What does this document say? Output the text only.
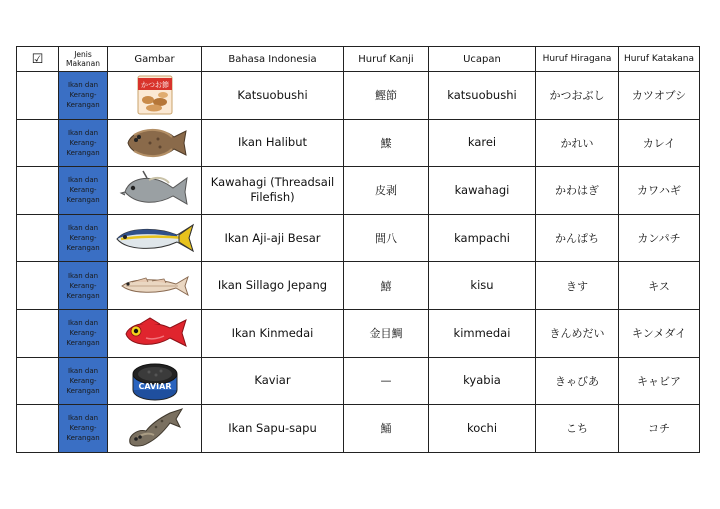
☑	Jenis Makanan	Gambar	Bahasa Indonesia	Huruf Kanji	Ucapan	Huruf Hiragana	Huruf Katakana
	Ikan dan Kerang-Kerangan	かつお節	Katsuobushi	鰹節	katsuobushi	かつおぶし	カツオブシ
	Ikan dan Kerang-Kerangan		Ikan Halibut	鰈	karei	かれい	カレイ
	Ikan dan Kerang-Kerangan		Kawahagi (Threadsail Filefish)	皮剥	kawahagi	かわはぎ	カワハギ
	Ikan dan Kerang-Kerangan		Ikan Aji-aji Besar	間八	kampachi	かんぱち	カンパチ
	Ikan dan Kerang-Kerangan		Ikan Sillago Jepang	鱚	kisu	きす	キス
	Ikan dan Kerang-Kerangan		Ikan Kinmedai	金目鯛	kimmedai	きんめだい	キンメダイ
	Ikan dan Kerang-Kerangan	CAVIAR	Kaviar	—	kyabia	きゃびあ	キャビア
	Ikan dan Kerang-Kerangan		Ikan Sapu-sapu	鯒	kochi	こち	コチ
